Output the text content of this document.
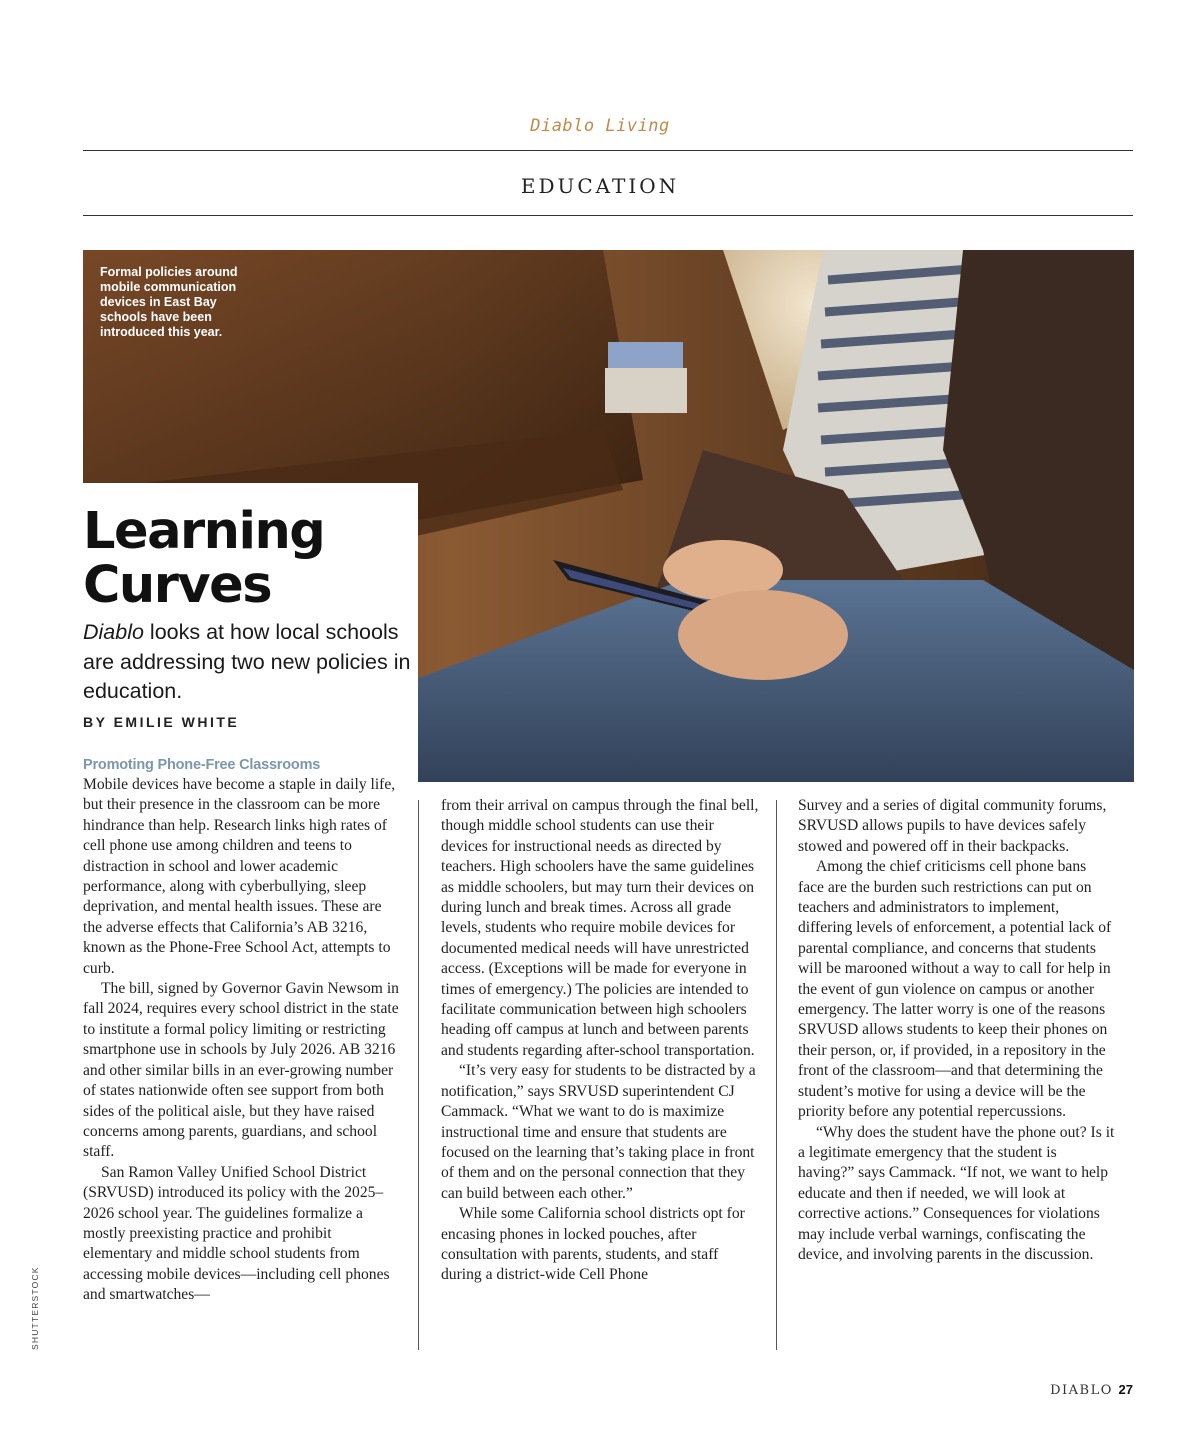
Diablo Living
EDUCATION
Formal policies around mobile communication devices in East Bay schools have been introduced this year.
Learning
Curves
Diablo looks at how local schools are addressing two new policies in education.
BY EMILIE WHITE
Promoting Phone-Free Classrooms

Mobile devices have become a staple in daily life, but their presence in the classroom can be more hindrance than help. Research links high rates of cell phone use among children and teens to distraction in school and lower academic performance, along with cyberbullying, sleep deprivation, and mental health issues. These are the adverse effects that California’s AB 3216, known as the Phone-Free School Act, attempts to curb.

The bill, signed by Governor Gavin Newsom in fall 2024, requires every school district in the state to institute a formal policy limiting or restricting smartphone use in schools by July 2026. AB 3216 and other similar bills in an ever-growing number of states nationwide often see support from both sides of the political aisle, but they have raised concerns among parents, guardians, and school staff.

San Ramon Valley Unified School District (SRVUSD) introduced its policy with the 2025–2026 school year. The guidelines formalize a mostly preexisting practice and prohibit elementary and middle school students from accessing mobile devices—including cell phones and smartwatches—

from their arrival on campus through the final bell, though middle school students can use their devices for instructional needs as directed by teachers. High schoolers have the same guidelines as middle schoolers, but may turn their devices on during lunch and break times. Across all grade levels, students who require mobile devices for documented medical needs will have unrestricted access. (Exceptions will be made for everyone in times of emergency.) The policies are intended to facilitate communication between high schoolers heading off campus at lunch and between parents and students regarding after-school transportation.

“It’s very easy for students to be distracted by a notification,” says SRVUSD superintendent CJ Cammack. “What we want to do is maximize instructional time and ensure that students are focused on the learning that’s taking place in front of them and on the personal connection that they can build between each other.”

While some California school districts opt for encasing phones in locked pouches, after consultation with parents, students, and staff during a district-wide Cell Phone

Survey and a series of digital community forums, SRVUSD allows pupils to have devices safely stowed and powered off in their backpacks.

Among the chief criticisms cell phone bans face are the burden such restrictions can put on teachers and administrators to implement, differing levels of enforcement, a potential lack of parental compliance, and concerns that students will be marooned without a way to call for help in the event of gun violence on campus or another emergency. The latter worry is one of the reasons SRVUSD allows students to keep their phones on their person, or, if provided, in a repository in the front of the classroom—and that determining the student’s motive for using a device will be the priority before any potential repercussions.

“Why does the student have the phone out? Is it a legitimate emergency that the student is having?” says Cammack. “If not, we want to help educate and then if needed, we will look at corrective actions.” Consequences for violations may include verbal warnings, confiscating the device, and involving parents in the discussion.

SHUTTERSTOCK
DIABLO 27
